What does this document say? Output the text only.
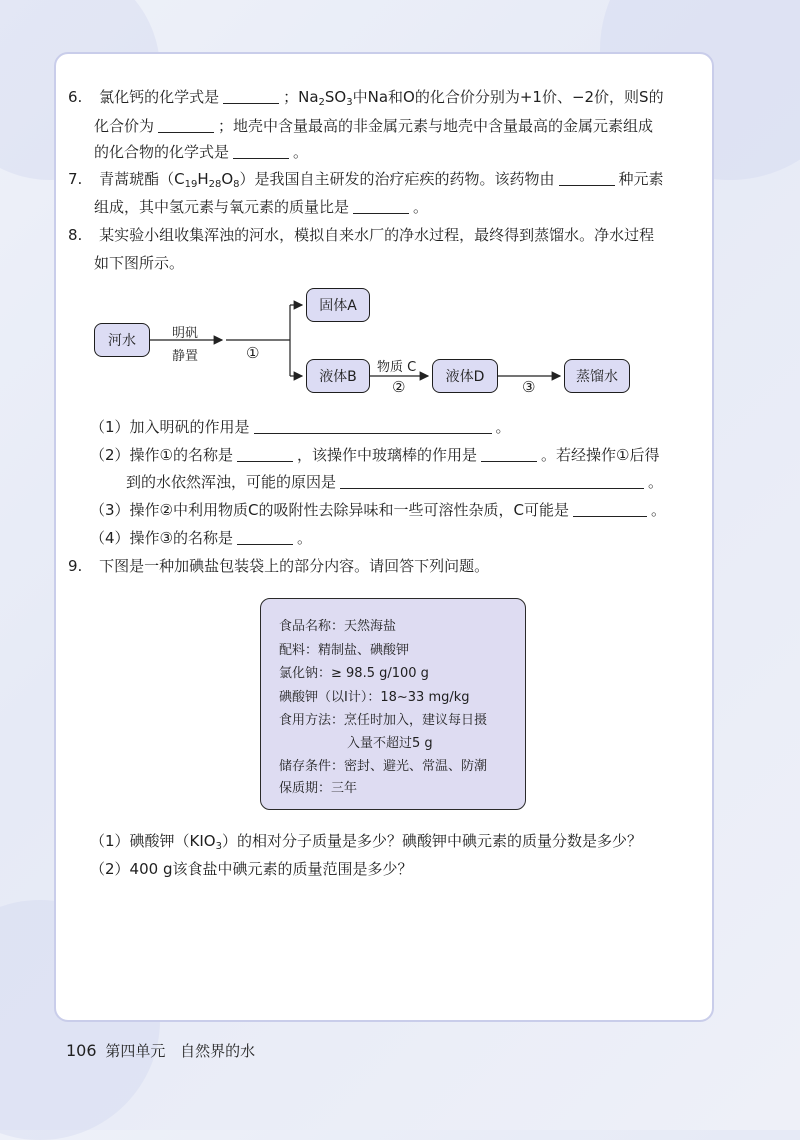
6. 氯化钙的化学式是	；$Na_2SO_3$中Na和O的化合价分别为+1价、−2价，则S的
化合价为	；地壳中含量最高的非金属元素与地壳中含量最高的金属元素组成
的化合物的化学式是	。
7. 青蒿琥酯$(C_{19}H_{28}O_8)$是我国自主研发的治疗疟疾的药物。该药物由	种元素
组成，其中氢元素与氧元素的质量比是	。
8. 某实验小组收集浑浊的河水，模拟自来水厂的净水过程，最终得到蒸馏水。净水过程
如下图所示。
河水	明矾
静置	①
固体A
液体B
物质 C
②
液体D
③
蒸馏水
（1）加入明矾的作用是	。
（2）操作①的名称是	，该操作中玻璃棒的作用是	。若经操作①后得
到的水依然浑浊，可能的原因是	。
（3）操作②中利用物质C的吸附性去除异味和一些可溶性杂质，C可能是	。
（4）操作③的名称是	。
9. 下图是一种加碘盐包装袋上的部分内容。请回答下列问题。
食品名称：天然海盐
配料：精制盐、碘酸钾
氯化钠：≥ 98.5 g/100 g
碘酸钾（以I计）：18~33 mg/kg
食用方法：烹任时加入，建议每日摄
入量不超过5 g
储存条件：密封、避光、常温、防潮
保质期：三年
（1）碘酸钾$(KIO_3)$的相对分子质量是多少？碘酸钾中碘元素的质量分数是多少？
（2）400 g该食盐中碘元素的质量范围是多少？
106 第四单元 自然界的水
